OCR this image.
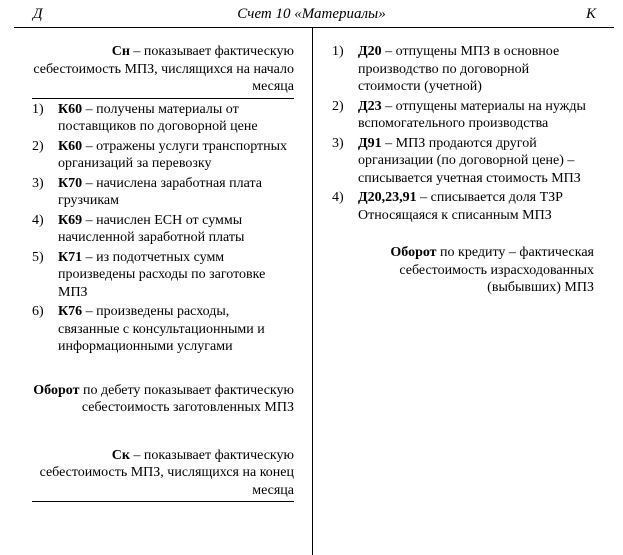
Д	Счет 10 «Материалы»	К
Сн – показывает фактическую себестоимость МПЗ, числящихся на начало месяца
1) К60 – получены материалы от поставщиков по договорной цене
2) К60 – отражены услуги транспортных организаций за перевозку
3) К70 – начислена заработная плата грузчикам
4) К69 – начислен ЕСН от суммы начисленной заработной платы
5) К71 – из подотчетных сумм произведены расходы по заготовке МПЗ
6) К76 – произведены расходы, связанные с консультационными и информационными услугами
Оборот по дебету показывает фактическую себестоимость заготовленных МПЗ
Ск – показывает фактическую себестоимость МПЗ, числящихся на конец месяца
1) Д20 – отпущены МПЗ в основное производство по договорной стоимости (учетной)
2) Д23 – отпущены материалы на нужды вспомогательного производства
3) Д91 – МПЗ продаются другой организации (по договорной цене) – списывается учетная стоимость МПЗ
4) Д20,23,91 – списывается доля ТЗР Относящаяся к списанным МПЗ
Оборот по кредиту – фактическая себестоимость израсходованных (выбывших) МПЗ
